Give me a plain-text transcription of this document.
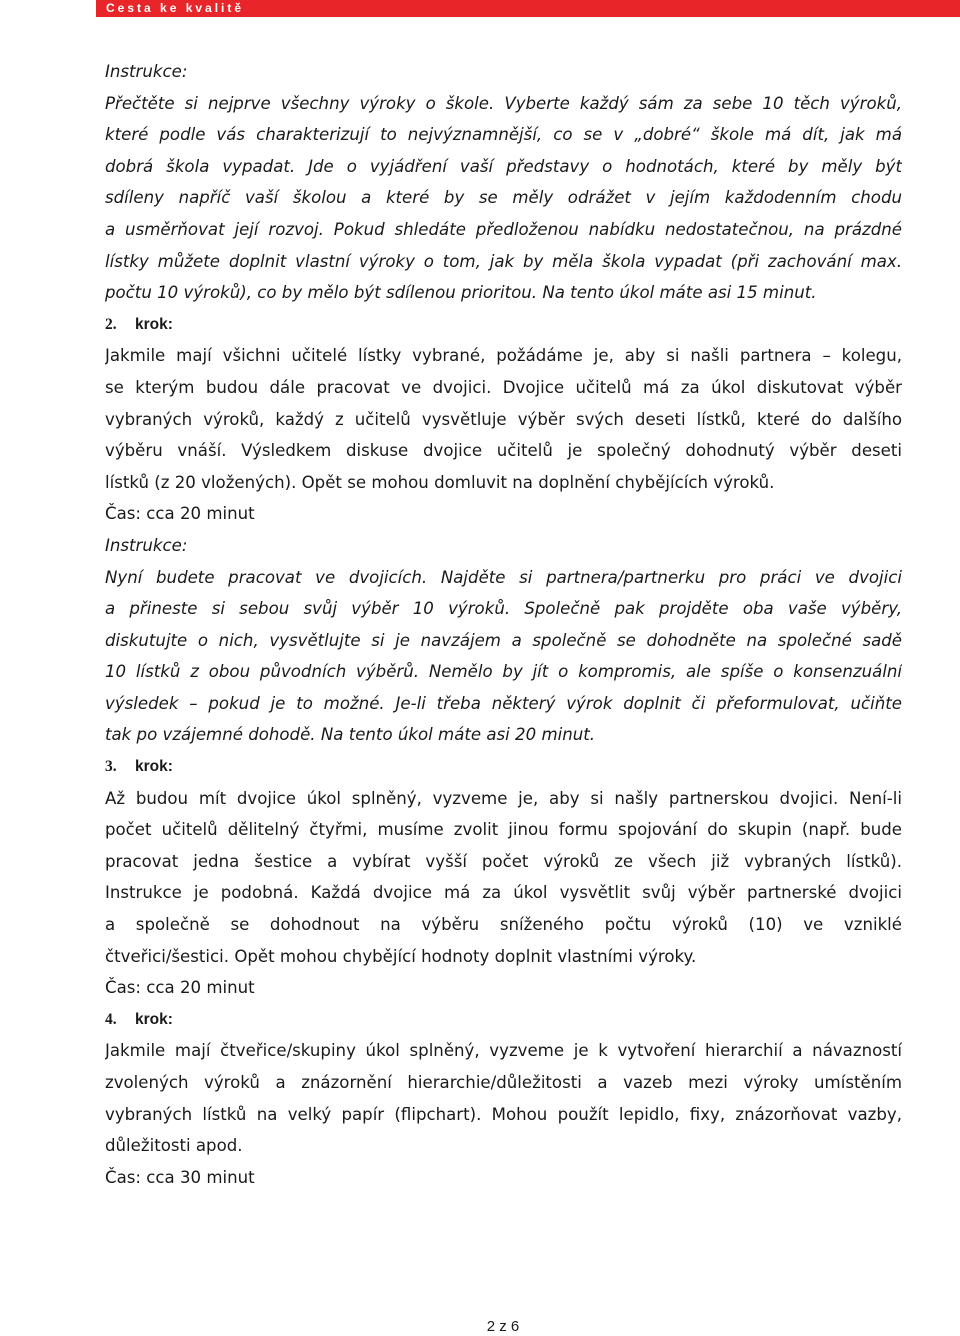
Cesta ke kvalitě
Instrukce:
Přečtěte si nejprve všechny výroky o škole. Vyberte každý sám za sebe 10 těch výroků,
které podle vás charakterizují to nejvýznamnější, co se v „dobré“ škole má dít, jak má
dobrá škola vypadat. Jde o vyjádření vaší představy o hodnotách, které by měly být
sdíleny napříč vaší školou a které by se měly odrážet v jejím každodenním chodu
a usměrňovat její rozvoj. Pokud shledáte předloženou nabídku nedostatečnou, na prázdné
lístky můžete doplnit vlastní výroky o tom, jak by měla škola vypadat (při zachování max.
počtu 10 výroků), co by mělo být sdílenou prioritou. Na tento úkol máte asi 15 minut.
2. krok:
Jakmile mají všichni učitelé lístky vybrané, požádáme je, aby si našli partnera – kolegu,
se kterým budou dále pracovat ve dvojici. Dvojice učitelů má za úkol diskutovat výběr
vybraných výroků, každý z učitelů vysvětluje výběr svých deseti lístků, které do dalšího
výběru vnáší. Výsledkem diskuse dvojice učitelů je společný dohodnutý výběr deseti
lístků (z 20 vložených). Opět se mohou domluvit na doplnění chybějících výroků.
Čas: cca 20 minut
Instrukce:
Nyní budete pracovat ve dvojicích. Najděte si partnera/partnerku pro práci ve dvojici
a přineste si sebou svůj výběr 10 výroků. Společně pak projděte oba vaše výběry,
diskutujte o nich, vysvětlujte si je navzájem a společně se dohodněte na společné sadě
10 lístků z obou původních výběrů. Nemělo by jít o kompromis, ale spíše o konsenzuální
výsledek – pokud je to možné. Je-li třeba některý výrok doplnit či přeformulovat, učiňte
tak po vzájemné dohodě. Na tento úkol máte asi 20 minut.
3. krok:
Až budou mít dvojice úkol splněný, vyzveme je, aby si našly partnerskou dvojici. Není-li
počet učitelů dělitelný čtyřmi, musíme zvolit jinou formu spojování do skupin (např. bude
pracovat jedna šestice a vybírat vyšší počet výroků ze všech již vybraných lístků).
Instrukce je podobná. Každá dvojice má za úkol vysvětlit svůj výběr partnerské dvojici
a společně se dohodnout na výběru sníženého počtu výroků (10) ve vzniklé
čtveřici/šestici. Opět mohou chybějící hodnoty doplnit vlastními výroky.
Čas: cca 20 minut
4. krok:
Jakmile mají čtveřice/skupiny úkol splněný, vyzveme je k vytvoření hierarchií a návazností
zvolených výroků a znázornění hierarchie/důležitosti a vazeb mezi výroky umístěním
vybraných lístků na velký papír (flipchart). Mohou použít lepidlo, fixy, znázorňovat vazby,
důležitosti apod.
Čas: cca 30 minut
2 z 6
